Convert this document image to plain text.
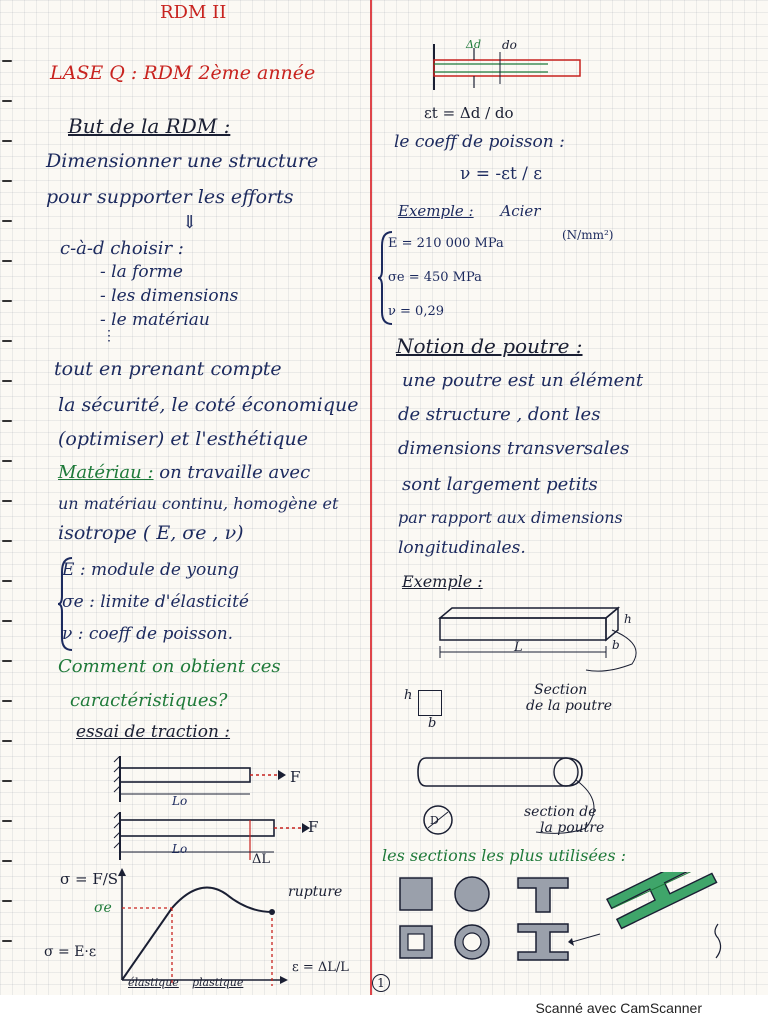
RDM II
LASE Q : RDM 2ème année
But de la RDM :
Dimensionner une structure
pour supporter les efforts
⇓
c-à-d choisir :
- la forme
- les dimensions
- le matériau
⋮
tout en prenant compte
la sécurité, le coté économique
(optimiser) et l'esthétique
Matériau : on travaille avec
un matériau continu, homogène et
isotrope ( E, σe , ν)
E : module de young
σe : limite d'élasticité
ν : coeff de poisson.
Comment on obtient ces
caractéristiques?
essai de traction :
Lo
F
Lo
F
ΔL
σ = F/S
σe
σ = E·ε
rupture
élastique plastique
ε = ΔL/L
1
Δd do
εt = Δd / do
le coeff de poisson :
ν = -εt / ε
Exemple : Acier
E = 210 000 MPa
(N/mm²)
σe = 450 MPa
ν = 0,29
Notion de poutre :
une poutre est un élément
de structure , dont les
dimensions transversales
sont largement petits
par rapport aux dimensions
longitudinales.
Exemple :
h
b
L
h
b
Section
de la poutre
D
section de
la poutre
les sections les plus utilisées :
Scanné avec CamScanner
